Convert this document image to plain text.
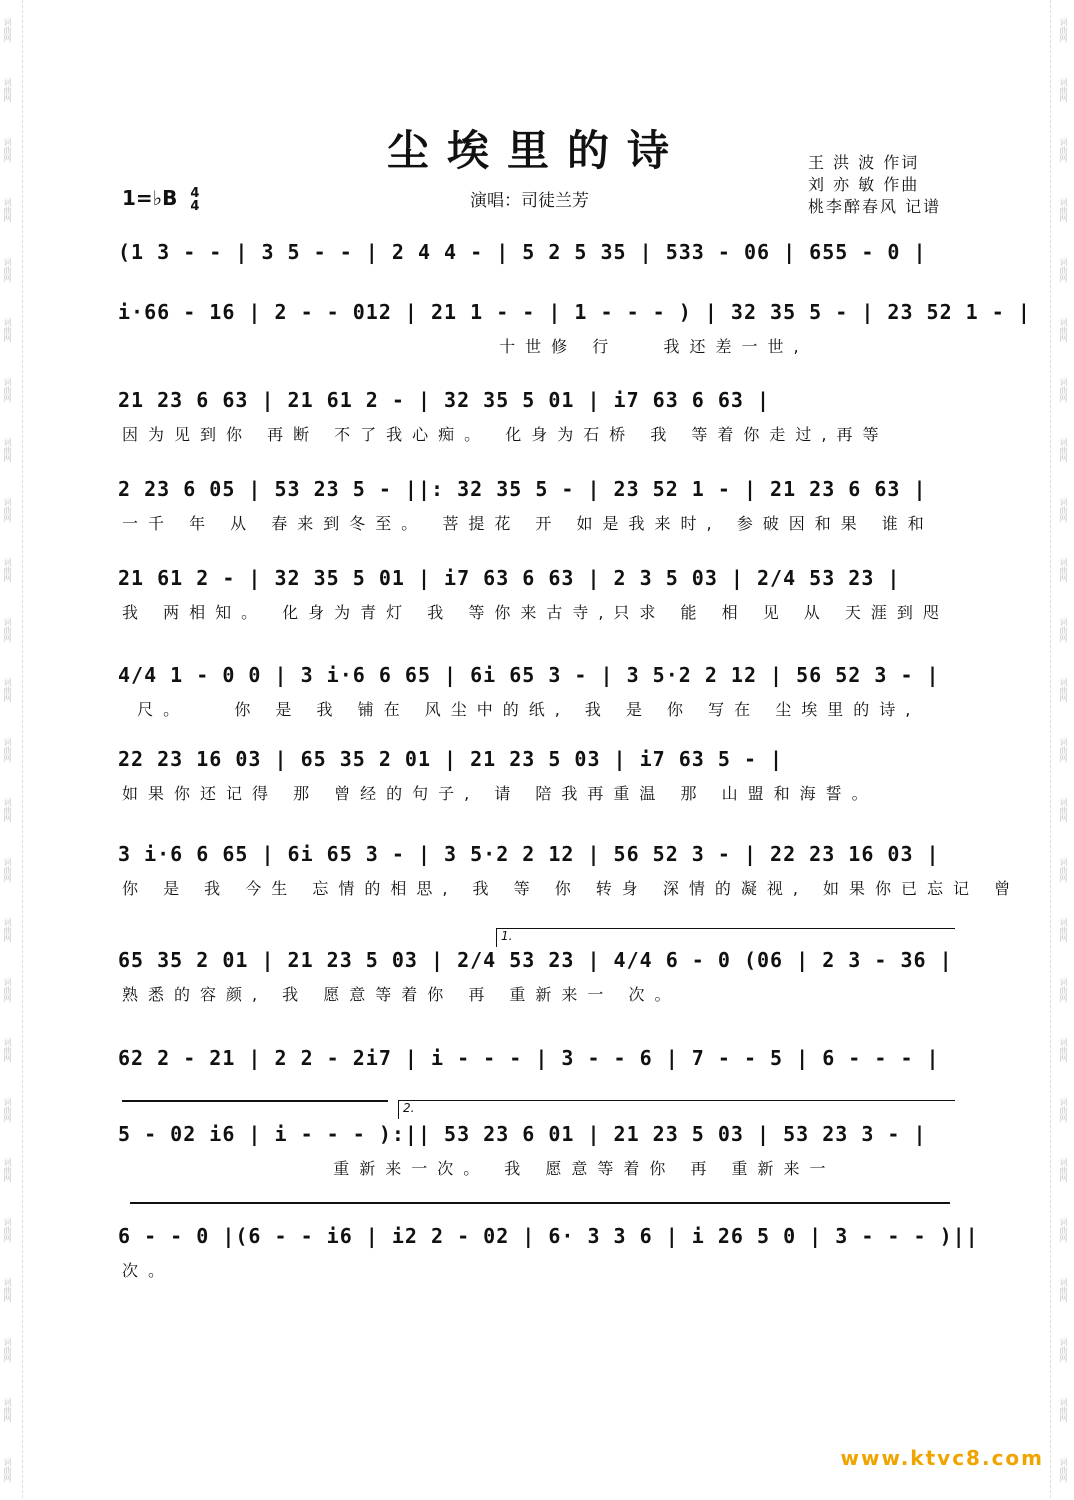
词曲网
词曲网
词曲网
词曲网
词曲网
词曲网
词曲网
词曲网
词曲网
词曲网
词曲网
词曲网
词曲网
词曲网
词曲网
词曲网
词曲网
词曲网
词曲网
词曲网
词曲网
词曲网
词曲网
词曲网
词曲网
词曲网
词曲网
词曲网
词曲网
词曲网
词曲网
词曲网
词曲网
词曲网
词曲网
词曲网
词曲网
词曲网
词曲网
词曲网
词曲网
词曲网
词曲网
词曲网
词曲网
词曲网
词曲网
词曲网
词曲网
词曲网
尘埃里的诗
1=♭B 4
4	演唱：司徒兰芳
王 洪 波 作词
刘 亦 敏 作曲
桃李醉春风 记谱
(1 3 - - | 3 5 - - | 2 4 4 - | 5 2 5 35 | 533 - 06 | 655 - 0 |
i·66 - 16 | 2 - - 012 | 21 1 - - | 1 - - - ) | 32 35 5 - | 23 52 1 - |
十世修 行   我还差一世,
21 23 6 63 | 21 61 2 - | 32 35 5 01 | i7 63 6 63 |
因为见到你 再断 不了我心痴。 化身为石桥 我 等着你走过,再等
2 23 6 05 | 53 23 5 - ||: 32 35 5 - | 23 52 1 - | 21 23 6 63 |
一千 年 从 春来到冬至。 菩提花 开 如是我来时, 参破因和果 谁和
21 61 2 - | 32 35 5 01 | i7 63 6 63 | 2 3 5 03 | 2/4 53 23 |
我 两相知。 化身为青灯 我 等你来古寺,只求 能 相 见 从 天涯到咫
4/4 1 - 0 0 | 3 i·6 6 65 | 6i 65 3 - | 3 5·2 2 12 | 56 52 3 - |
尺。   你 是 我 铺在 风尘中的纸, 我 是 你 写在 尘埃里的诗,
22 23 16 03 | 65 35 2 01 | 21 23 5 03 | i7 63 5 - |
如果你还记得 那 曾经的句子, 请 陪我再重温 那 山盟和海誓。
3 i·6 6 65 | 6i 65 3 - | 3 5·2 2 12 | 56 52 3 - | 22 23 16 03 |
你 是 我 今生 忘情的相思, 我 等 你 转身 深情的凝视, 如果你已忘记 曾
1.
65 35 2 01 | 21 23 5 03 | 2/4 53 23 | 4/4 6 - 0 (06 | 2 3 - 36 |
熟悉的容颜, 我 愿意等着你 再 重新来一 次。
62 2 - 21 | 2 2 - 2i7 | i - - - | 3 - - 6 | 7 - - 5 | 6 - - - |
2.
5 - 02 i6 | i - - - ):|| 53 23 6 01 | 21 23 5 03 | 53 23 3 - |
重新来一次。 我 愿意等着你 再 重新来一
6 - - 0 |(6 - - i6 | i2 2 - 02 | 6· 3 3 6 | i 26 5 0 | 3 - - - )||
次。
www.ktvc8.com
